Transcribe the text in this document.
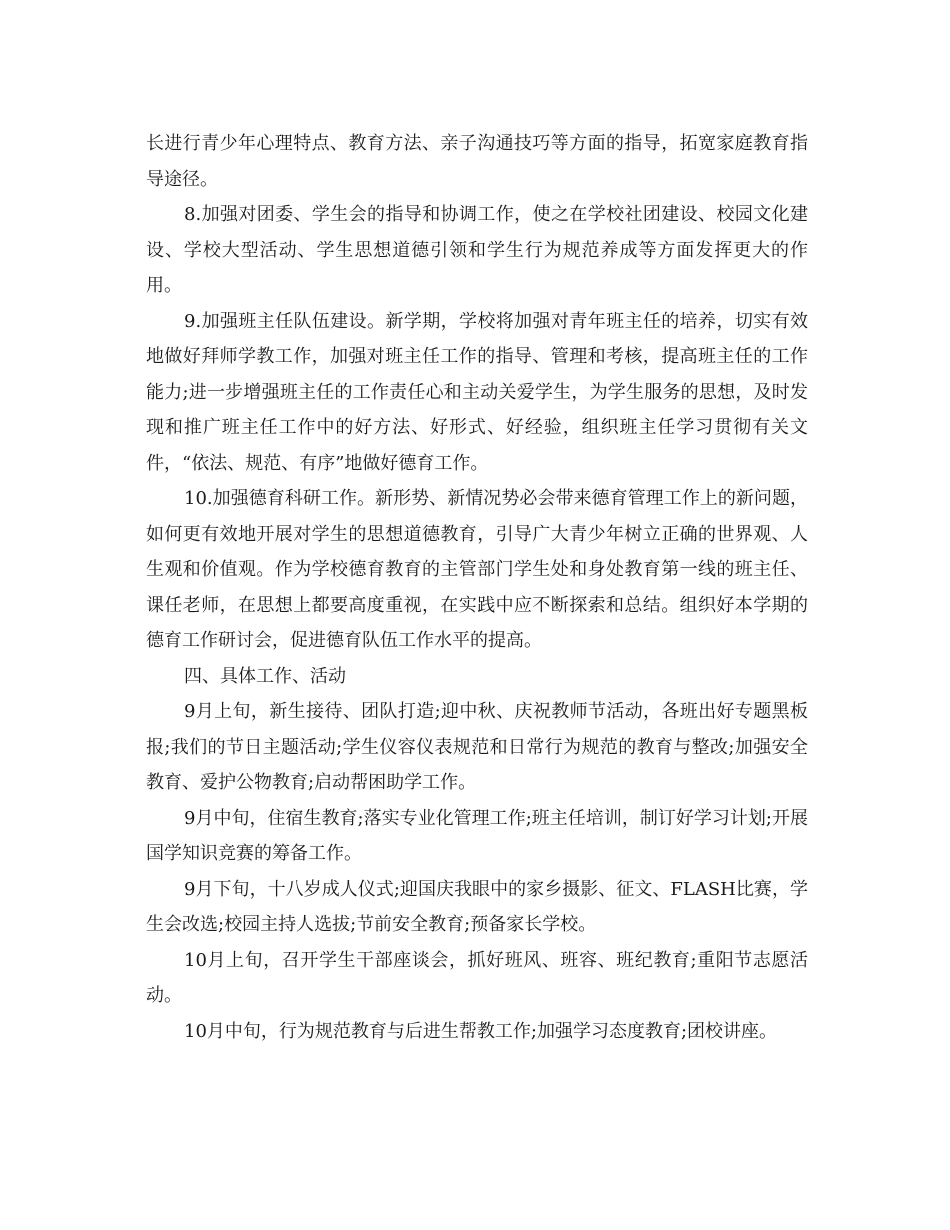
长进行青少年心理特点、教育方法、亲子沟通技巧等方面的指导，拓宽家庭教育指导途径。

8.加强对团委、学生会的指导和协调工作，使之在学校社团建设、校园文化建设、学校大型活动、学生思想道德引领和学生行为规范养成等方面发挥更大的作用。

9.加强班主任队伍建设。新学期，学校将加强对青年班主任的培养，切实有效地做好拜师学教工作，加强对班主任工作的指导、管理和考核，提高班主任的工作能力;进一步增强班主任的工作责任心和主动关爱学生，为学生服务的思想，及时发现和推广班主任工作中的好方法、好形式、好经验，组织班主任学习贯彻有关文件，“依法、规范、有序”地做好德育工作。

10.加强德育科研工作。新形势、新情况势必会带来德育管理工作上的新问题，如何更有效地开展对学生的思想道德教育，引导广大青少年树立正确的世界观、人生观和价值观。作为学校德育教育的主管部门学生处和身处教育第一线的班主任、课任老师，在思想上都要高度重视，在实践中应不断探索和总结。组织好本学期的德育工作研讨会，促进德育队伍工作水平的提高。

四、具体工作、活动

9月上旬，新生接待、团队打造;迎中秋、庆祝教师节活动，各班出好专题黑板报;我们的节日主题活动;学生仪容仪表规范和日常行为规范的教育与整改;加强安全教育、爱护公物教育;启动帮困助学工作。

9月中旬，住宿生教育;落实专业化管理工作;班主任培训，制订好学习计划;开展国学知识竞赛的筹备工作。

9月下旬，十八岁成人仪式;迎国庆我眼中的家乡摄影、征文、FLASH比赛，学生会改选;校园主持人选拔;节前安全教育;预备家长学校。

10月上旬，召开学生干部座谈会，抓好班风、班容、班纪教育;重阳节志愿活动。

10月中旬，行为规范教育与后进生帮教工作;加强学习态度教育;团校讲座。
